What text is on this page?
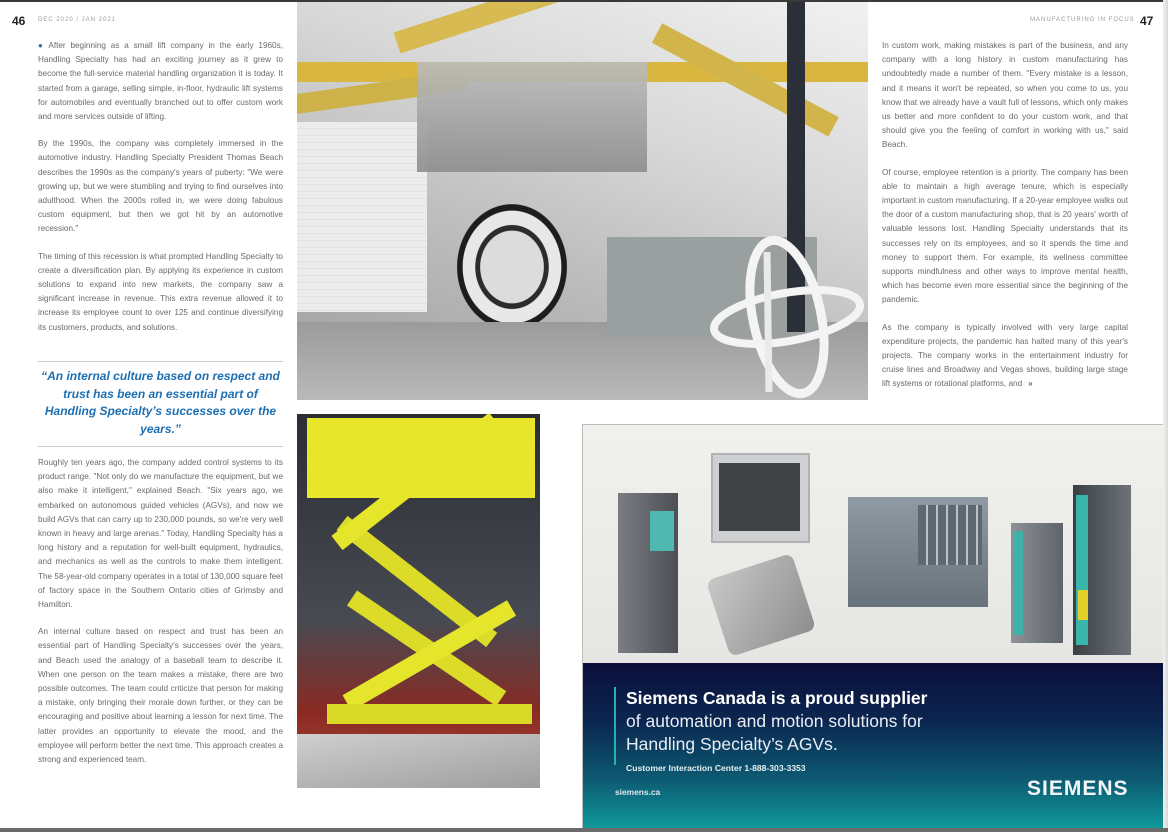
46 DEC 2020 / JAN 2021

● After beginning as a small lift company in the early 1960s, Handling Specialty has had an exciting journey as it grew to become the full-service material handling organization it is today. It started from a garage, selling simple, in-floor, hydraulic lift systems for automobiles and eventually branched out to offer custom work and more services outside of lifting.

By the 1990s, the company was completely immersed in the automotive industry. Handling Specialty President Thomas Beach describes the 1990s as the company's years of puberty: "We were growing up, but we were stumbling and trying to find ourselves into adulthood. When the 2000s rolled in, we were doing fabulous custom equipment, but then we got hit by an automotive recession."

The timing of this recession is what prompted Handling Specialty to create a diversification plan. By applying its experience in custom solutions to expand into new markets, the company saw a significant increase in revenue. This extra revenue allowed it to increase its employee count to over 125 and continue diversifying its customers, products, and solutions.

“An internal culture based on respect and trust has been an essential part of Handling Specialty’s successes over the years.”

Roughly ten years ago, the company added control systems to its product range. "Not only do we manufacture the equipment, but we also make it intelligent," explained Beach. "Six years ago, we embarked on autonomous guided vehicles (AGVs), and now we build AGVs that can carry up to 230,000 pounds, so we're very well known in heavy and large arenas." Today, Handling Specialty has a long history and a reputation for well-built equipment, hydraulics, and mechanics as well as the controls to make them intelligent. The 58-year-old company operates in a total of 130,000 square feet of factory space in the Southern Ontario cities of Grimsby and Hamilton.

An internal culture based on respect and trust has been an essential part of Handling Specialty's successes over the years, and Beach used the analogy of a baseball team to describe it. When one person on the team makes a mistake, there are two possible outcomes. The team could criticize that person for making a mistake, only bringing their morale down further, or they can be encouraging and positive about learning a lesson for next time. The latter provides an opportunity to elevate the mood, and the employee will perform better the next time. This approach creates a strong and experienced team.

MANUFACTURING IN FOCUS 47

In custom work, making mistakes is part of the business, and any company with a long history in custom manufacturing has undoubtedly made a number of them. "Every mistake is a lesson, and it means it won't be repeated, so when you come to us, you know that we already have a vault full of lessons, which only makes us better and more confident to do your custom work, and that should give you the feeling of comfort in working with us," said Beach.

Of course, employee retention is a priority. The company has been able to maintain a high average tenure, which is especially important in custom manufacturing. If a 20-year employee walks out the door of a custom manufacturing shop, that is 20 years' worth of valuable lessons lost. Handling Specialty understands that its successes rely on its employees, and so it spends the time and money to support them. For example, its wellness committee supports mindfulness and other ways to improve mental health, which has become even more essential since the beginning of the pandemic.

As the company is typically involved with very large capital expenditure projects, the pandemic has halted many of this year's projects. The company works in the entertainment industry for cruise lines and Broadway and Vegas shows, building large stage lift systems or rotational platforms, and »

Siemens Canada is a proud supplier
of automation and motion solutions for
Handling Specialty’s AGVs.
Customer Interaction Center 1-888-303-3353
siemens.ca	SIEMENS
